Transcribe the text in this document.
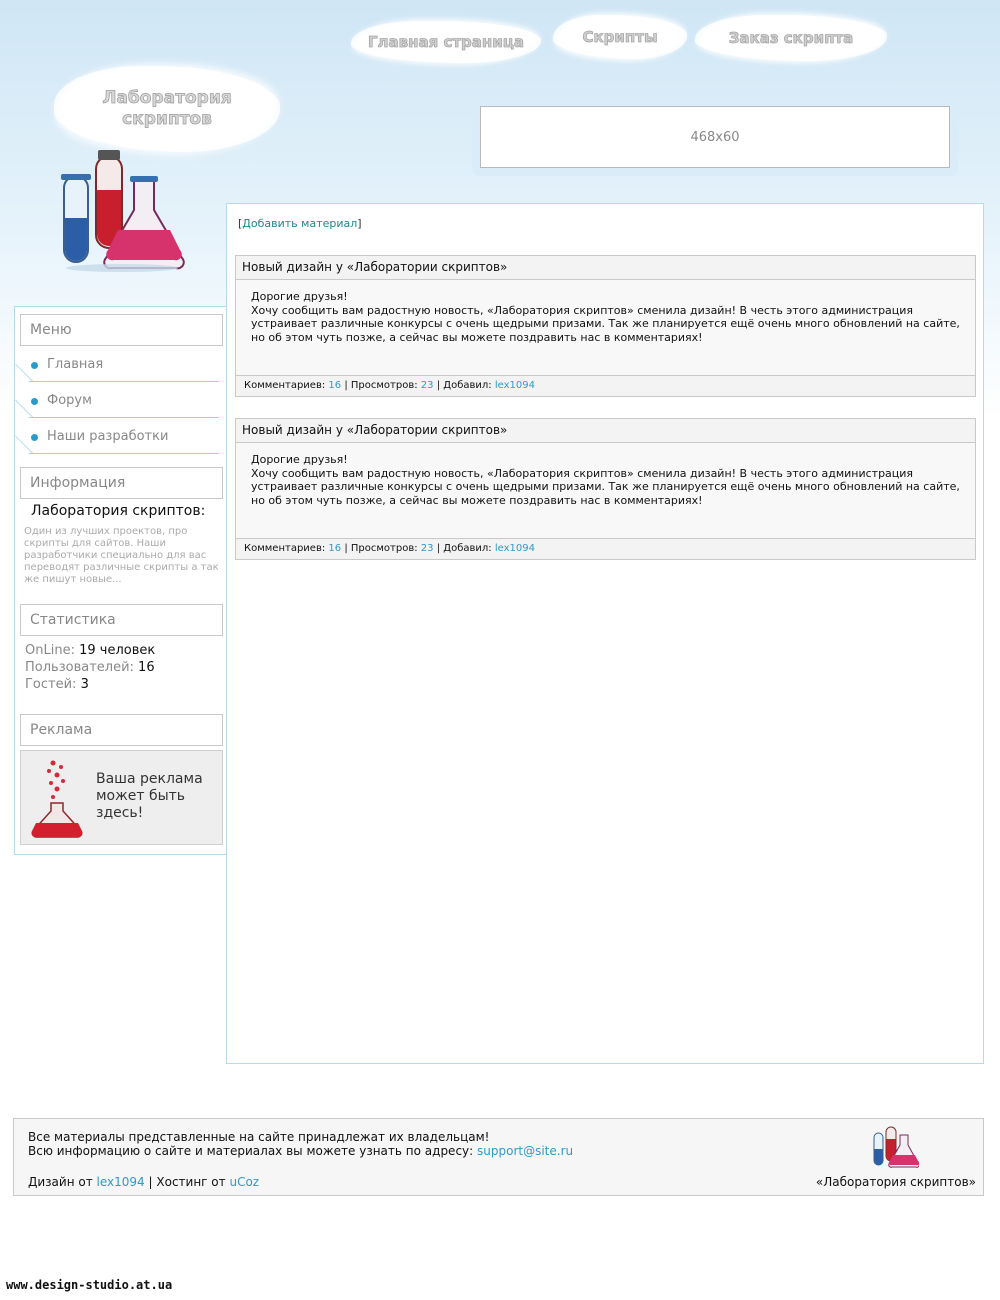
Главная страница	Скрипты	Заказ скрипта
Лаборатория
скриптов
468x60
Меню
Главная
Форум
Наши разработки
Информация
Лаборатория скриптов:
Один из лучших проектов, про скрипты для сайтов. Наши разработчики специально для вас переводят различные скрипты а так же пишут новые...
Статистика
OnLine: 19 человек
Пользователей: 16
Гостей: 3
Реклама
Ваша реклама может быть здесь!
[Добавить материал]
Новый дизайн у «Лаборатории скриптов»
Дорогие друзья!
Хочу сообщить вам радостную новость, «Лаборатория скриптов» сменила дизайн! В честь этого администрация устраивает различные конкурсы с очень щедрыми призами. Так же планируется ещё очень много обновлений на сайте, но об этом чуть позже, а сейчас вы можете поздравить нас в комментариях!
Комментариев: 16 | Просмотров: 23 | Добавил: lex1094
Новый дизайн у «Лаборатории скриптов»
Дорогие друзья!
Хочу сообщить вам радостную новость, «Лаборатория скриптов» сменила дизайн! В честь этого администрация устраивает различные конкурсы с очень щедрыми призами. Так же планируется ещё очень много обновлений на сайте, но об этом чуть позже, а сейчас вы можете поздравить нас в комментариях!
Комментариев: 16 | Просмотров: 23 | Добавил: lex1094
Все материалы представленные на сайте принадлежат их владельцам!
Всю информацию о сайте и материалах вы можете узнать по адресу: support@site.ru
Дизайн от lex1094 | Хостинг от uCoz	«Лаборатория скриптов»
www.design-studio.at.ua
